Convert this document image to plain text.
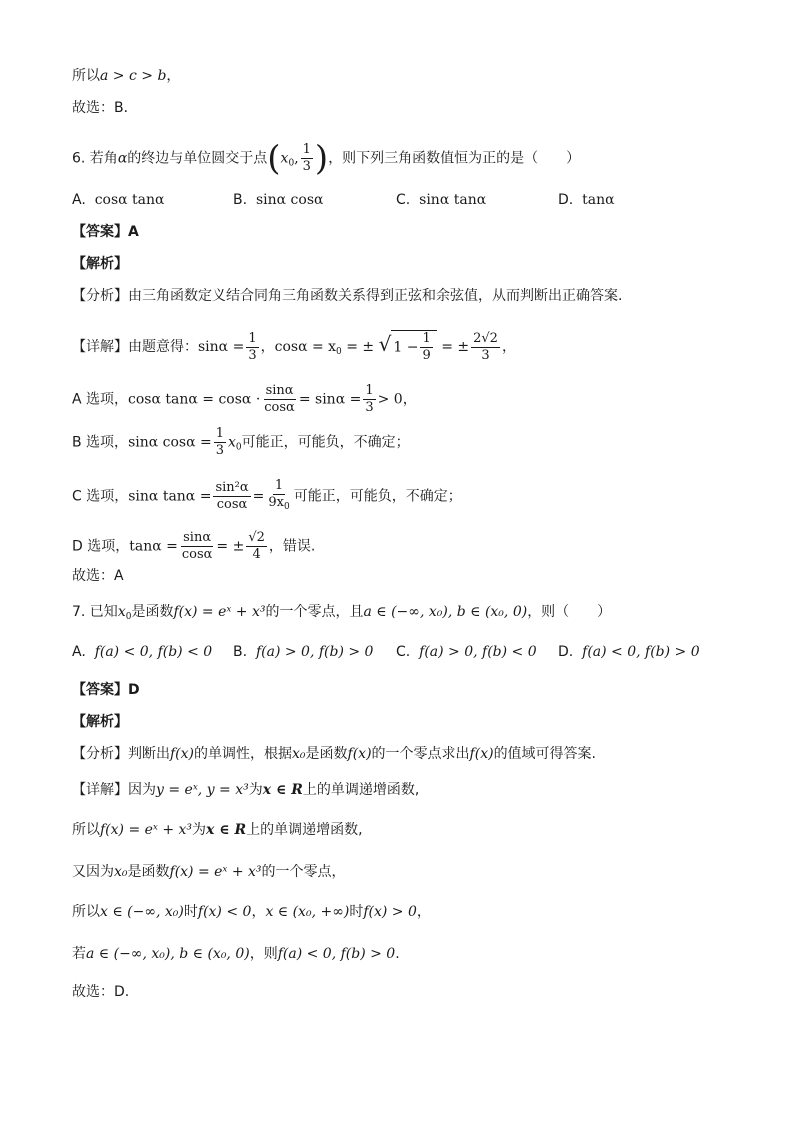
所以a > c > b，
故选：B．
6. 若角α的终边与单位圆交于点($x_0$, $\frac{1}{3}$ )，则下列三角函数值恒为正的是（　　）
A. cosα tanα	B. sinα cosα	C. sinα tanα	D. tanα
【答案】A
【解析】
【分析】由三角函数定义结合同角三角函数关系得到正弦和余弦值，从而判断出正确答案.
【详解】由题意得：$\sin\alpha = \frac{1}{3}$ ，$\cos\alpha = x_0$ = ± √ $1 - \frac{1}{9}$ = ± $\frac{2√2}{3}$ ，
A 选项，cosα $\tan\alpha = \cos\alpha \cdot \frac{\sin\alpha}{\cos\alpha} = \sin\alpha = \frac{1}{3} > 0$，
B 选项，sinα $\cos\alpha = \frac{1}{3} x_0$可能正，可能负，不确定；
C 选项，sinα $\tan\alpha = \frac{\text{sin²α}}{\cos\alpha} = \frac{1}{9x_0}$ 可能正，可能负，不确定；
D 选项，$\tan\alpha = \frac{\sin\alpha}{\cos\alpha}$ = ± $\frac{√2}{4}$ ，错误.
故选：A
7. 已知$x_0$是函数f(x) = eˣ + x³的一个零点，且a ∈ (−∞, x₀), b ∈ (x₀, 0)，则（　　）
A. f(a) < 0, f(b) < 0 B. f(a) > 0, f(b) > 0 C. f(a) > 0, f(b) < 0 D. f(a) < 0, f(b) > 0
【答案】D
【解析】
【分析】判断出f(x)的单调性，根据x₀是函数f(x)的一个零点求出f(x)的值域可得答案.
【详解】因为y = eˣ, y = x³为x ∈ R上的单调递增函数,
所以f(x) = eˣ + x³为x ∈ R上的单调递增函数,
又因为x₀是函数f(x) = eˣ + x³的一个零点，
所以x ∈ (−∞, x₀)时f(x) < 0，x ∈ (x₀, +∞)时f(x) > 0，
若a ∈ (−∞, x₀), b ∈ (x₀, 0)，则f(a) < 0, f(b) > 0.
故选：D.
